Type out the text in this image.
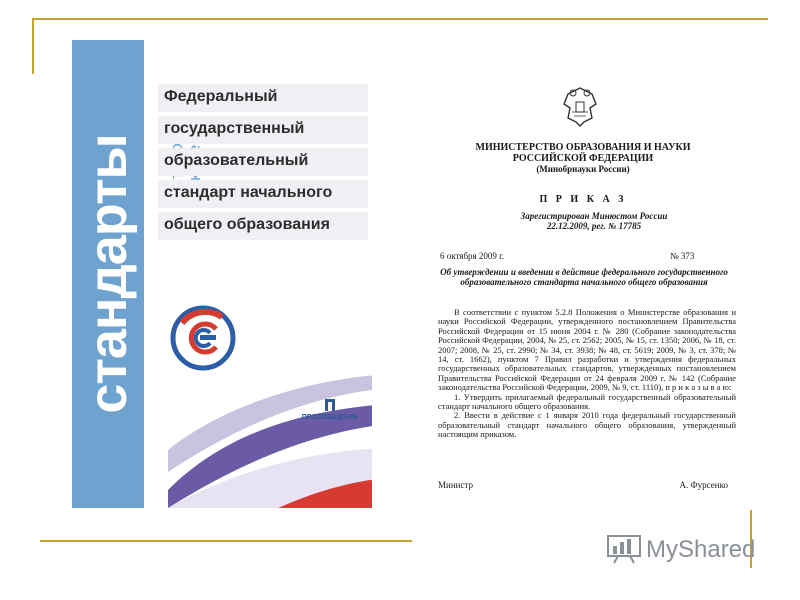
стандарты

Федеральный
государственный
образовательный
стандарт начального
общего образования
ПРОСВЕЩЕНИЕ
МИНИСТЕРСТВО ОБРАЗОВАНИЯ И НАУКИ
РОССИЙСКОЙ ФЕДЕРАЦИИ
(Минобрнауки России)
П Р И К А З
Зарегистрирован Минюстом России
22.12.2009, рег. № 17785
6 октября 2009 г.	№ 373
Об утверждении и введении в действие федерального государственного образовательного стандарта начального общего образования

В соответствии с пунктом 5.2.8 Положения о Министерстве образования и науки Российской Федерации, утвержденного постановлением Правительства Российской Федерации от 15 июня 2004 г. № 280 (Собрание законодательства Российской Федерации, 2004, № 25, ст. 2562; 2005, № 15, ст. 1350; 2006, № 18, ст. 2007; 2008, № 25, ст. 2990; № 34, ст. 3938; № 48, ст. 5619; 2009, № 3, ст. 378; № 14, ст. 1662), пунктом 7 Правил разработки и утверждения федеральных государственных образовательных стандартов, утвержденных постановлением Правительства Российской Федерации от 24 февраля 2009 г. № 142 (Собрание законодательства Российской Федерации, 2009, № 9, ст. 1110), п р и к а з ы в а ю:

1. Утвердить прилагаемый федеральный государственный образовательный стандарт начального общего образования.

2. Ввести в действие с 1 января 2010 года федеральный государственный образовательный стандарт начального общего образования, утвержденный настоящим приказом.

Министр	А. Фурсенко
MyShared
